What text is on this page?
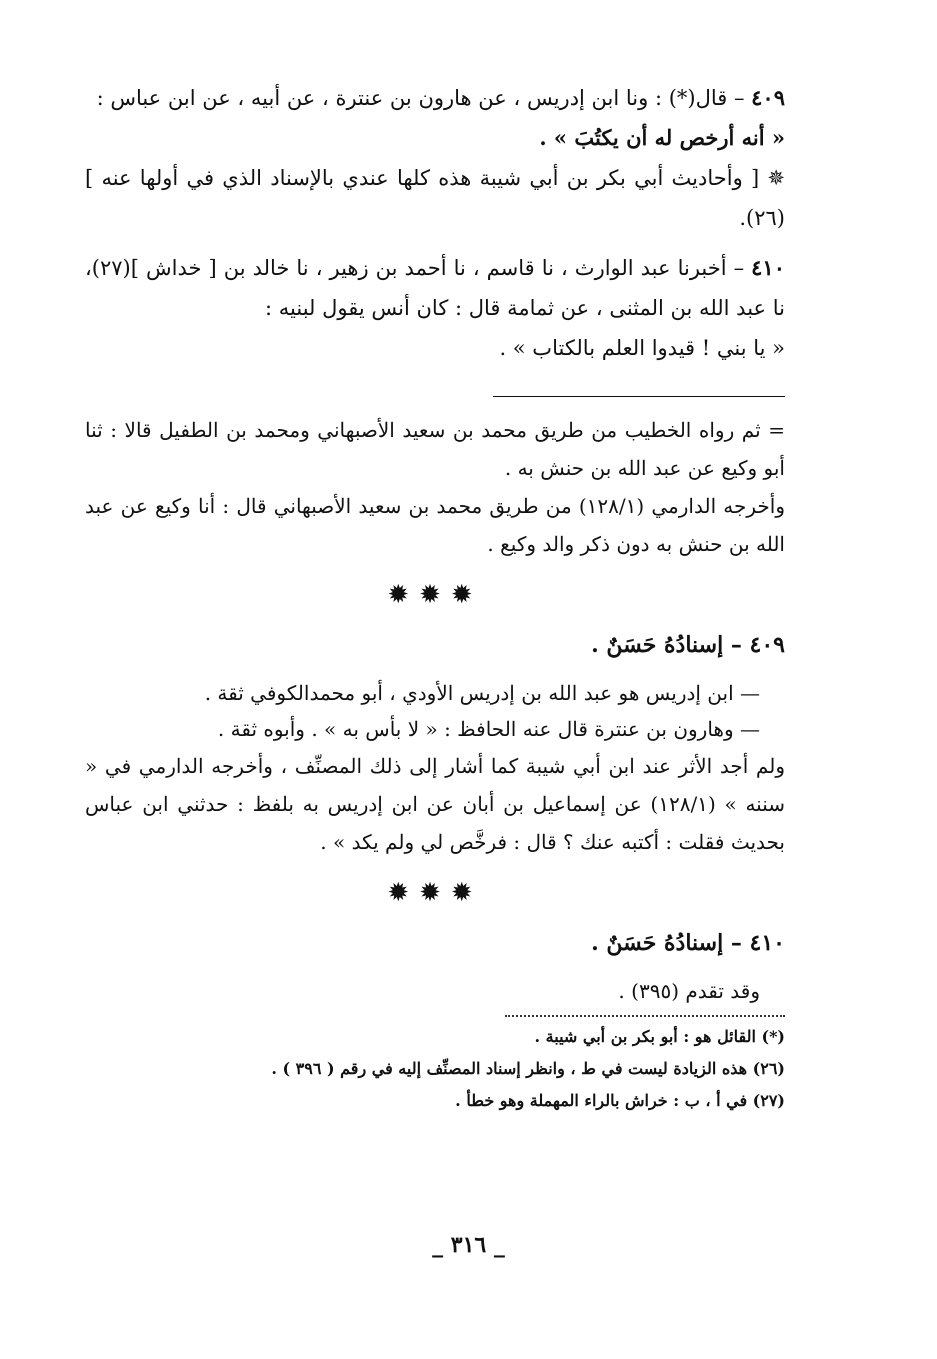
٤٠٩ – قال(*) : ونا ابن إدريس ، عن هارون بن عنترة ، عن أبيه ، عن ابن عباس :

« أنه أرخص له أن يكتُبَ » .

✵ [ وأحاديث أبي بكر بن أبي شيبة هذه كلها عندي بالإسناد الذي في أولها عنه ](٢٦).

٤١٠ – أخبرنا عبد الوارث ، نا قاسم ، نا أحمد بن زهير ، نا خالد بن [ خداش ](٢٧)، نا عبد الله بن المثنى ، عن ثمامة قال : كان أنس يقول لبنيه :

« يا بني ! قيدوا العلم بالكتاب » .

= ثم رواه الخطيب من طريق محمد بن سعيد الأصبهاني ومحمد بن الطفيل قالا : ثنا أبو وكيع عن عبد الله بن حنش به .

وأخرجه الدارمي (١٢٨/١) من طريق محمد بن سعيد الأصبهاني قال : أنا وكيع عن عبد الله بن حنش به دون ذكر والد وكيع .

✹✹✹
٤٠٩ – إسنادُهُ حَسَنٌ .

— ابن إدريس هو عبد الله بن إدريس الأودي ، أبو محمدالكوفي ثقة .

— وهارون بن عنترة قال عنه الحافظ : « لا بأس به » . وأبوه ثقة .

ولم أجد الأثر عند ابن أبي شيبة كما أشار إلى ذلك المصنِّف ، وأخرجه الدارمي في « سننه » (١٢٨/١) عن إسماعيل بن أبان عن ابن إدريس به بلفظ : حدثني ابن عباس بحديث فقلت : أكتبه عنك ؟ قال : فرخَّص لي ولم يكد » .

✹✹✹
٤١٠ – إسنادُهُ حَسَنٌ .

وقد تقدم (٣٩٥) .

(*) القائل هو : أبو بكر بن أبي شيبة .

(٢٦) هذه الزيادة ليست في ط ، وانظر إسناد المصنِّف إليه في رقم ( ٣٩٦ ) .

(٢٧) في أ ، ب : خراش بالراء المهملة وهو خطأ .

_ ٣١٦ _
